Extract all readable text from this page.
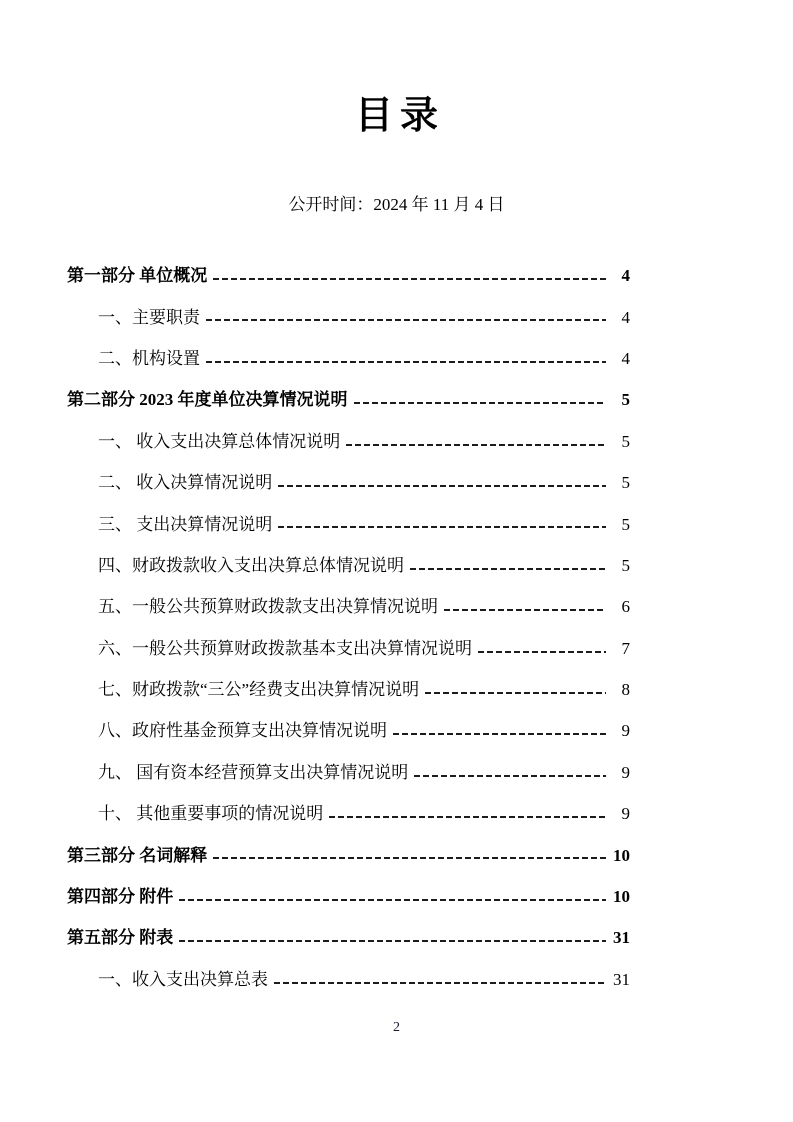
目录

公开时间：2024 年 11 月 4 日

第一部分 单位概况	4
一、主要职责	4
二、机构设置	4
第二部分 2023 年度单位决算情况说明	5
一、 收入支出决算总体情况说明	5
二、 收入决算情况说明	5
三、 支出决算情况说明	5
四、财政拨款收入支出决算总体情况说明	5
五、一般公共预算财政拨款支出决算情况说明	6
六、一般公共预算财政拨款基本支出决算情况说明	7
七、财政拨款“三公”经费支出决算情况说明	8
八、政府性基金预算支出决算情况说明	9
九、 国有资本经营预算支出决算情况说明	9
十、 其他重要事项的情况说明	9
第三部分 名词解释	10
第四部分 附件	10
第五部分 附表	31
一、收入支出决算总表	31
2
